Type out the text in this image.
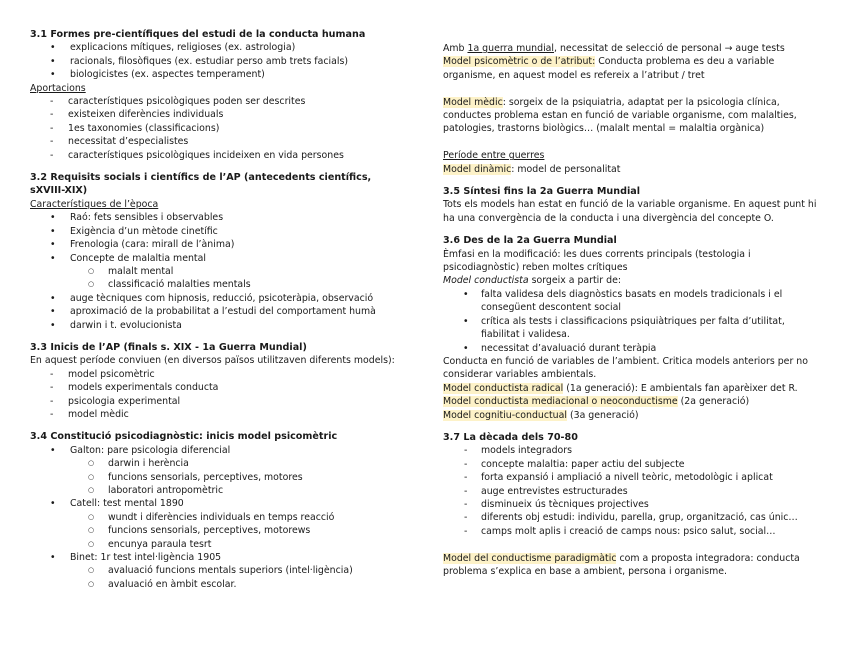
3.1 Formes pre-científiques del estudi de la conducta humana
• explicacions mítiques, religioses (ex. astrologia)
• racionals, filosòfiques (ex. estudiar perso amb trets facials)
• biologicistes (ex. aspectes temperament)

Aportacions

- característiques psicològiques poden ser descrites
- existeixen diferències individuals
- 1es taxonomies (classificacions)
- necessitat d’especialistes
- característiques psicològiques incideixen en vida persones
3.2 Requisits socials i científics de l’AP (antecedents científics,
sXVIII-XIX)

Característiques de l’època

• Raó: fets sensibles i observables
• Exigència d’un mètode cinetífic
• Frenologia (cara: mirall de l’ànima)
• Concepte de malaltia mental
○ malalt mental
○ classificació malalties mentals
• auge tècniques com hipnosis, reducció, psicoteràpia, observació
• aproximació de la probabilitat a l’estudi del comportament humà
• darwin i t. evolucionista
3.3 Inicis de l’AP (finals s. XIX - 1a Guerra Mundial)

En aquest període conviuen (en diversos països utilitzaven diferents models):

- model psicomètric
- models experimentals conducta
- psicologia experimental
- model mèdic
3.4 Constitució psicodiagnòstic: inicis model psicomètric
• Galton: pare psicologia diferencial
○ darwin i herència
○ funcions sensorials, perceptives, motores
○ laboratori antropomètric
• Catell: test mental 1890
○ wundt i diferències individuals en temps reacció
○ funcions sensorials, perceptives, motorews
○ encunya paraula tesrt
• Binet: 1r test intel·ligència 1905
○ avaluació funcions mentals superiors (intel·ligència)
○ avaluació en àmbit escolar.

Amb 1a guerra mundial, necessitat de selecció de personal → auge tests

Model psicomètric o de l’atribut: Conducta problema es deu a variable organisme, en aquest model es refereix a l’atribut / tret

Model mèdic: sorgeix de la psiquiatria, adaptat per la psicologia clínica, conductes problema estan en funció de variable organisme, com malalties, patologies, trastorns biològics… (malalt mental = malaltia orgànica)

Període entre guerres

Model dinàmic: model de personalitat

3.5 Síntesi fins la 2a Guerra Mundial

Tots els models han estat en funció de la variable organisme. En aquest punt hi ha una convergència de la conducta i una divergència del concepte O.

3.6 Des de la 2a Guerra Mundial

Èmfasi en la modificació: les dues corrents principals (testologia i psicodiagnòstic) reben moltes crítiques

Model conductista sorgeix a partir de:

• falta validesa dels diagnòstics basats en models tradicionals i el consegüent descontent social
• crítica als tests i classificacions psiquiàtriques per falta d’utilitat, fiabilitat i validesa.
• necessitat d’avaluació durant teràpia

Conducta en funció de variables de l’ambient. Critica models anteriors per no considerar variables ambientals.

Model conductista radical (1a generació): E ambientals fan aparèixer det R.

Model conductista mediacional o neoconductisme (2a generació)

Model cognitiu-conductual (3a generació)

3.7 La dècada dels 70-80
- models integradors
- concepte malaltia: paper actiu del subjecte
- forta expansió i ampliació a nivell teòric, metodològic i aplicat
- auge entrevistes estructurades
- disminueix ús tècniques projectives
- diferents obj estudi: individu, parella, grup, organització, cas únic…
- camps molt aplis i creació de camps nous: psico salut, social…

Model del conductisme paradigmàtic com a proposta integradora: conducta problema s’explica en base a ambient, persona i organisme.
